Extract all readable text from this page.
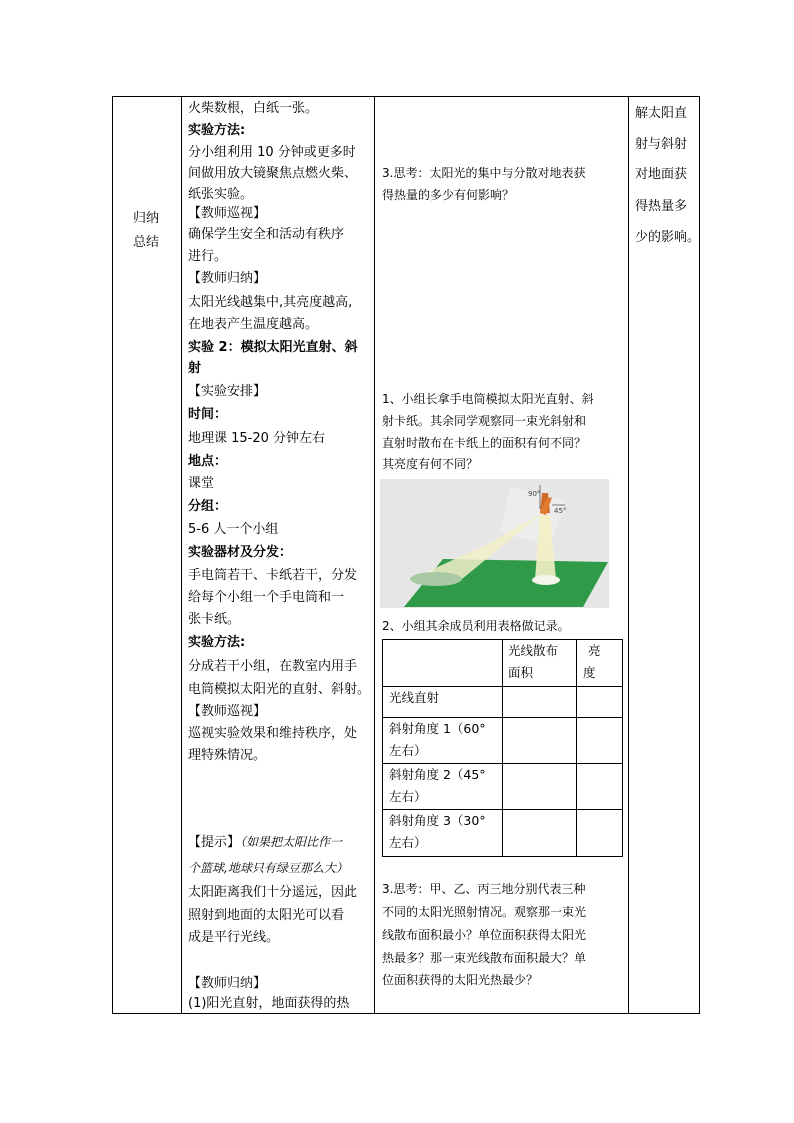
归纳
总结
火柴数根，白纸一张。
实验方法:
分小组利用 10 分钟或更多时
间做用放大镜聚焦点燃火柴、
纸张实验。
【教师巡视】
确保学生安全和活动有秩序
进行。
【教师归纳】
太阳光线越集中,其亮度越高,
在地表产生温度越高。
实验 2：模拟太阳光直射、斜
射
【实验安排】
时间：
地理课 15-20 分钟左右
地点：
课堂
分组：
5-6 人一个小组
实验器材及分发：
手电筒若干、卡纸若干，分发
给每个小组一个手电筒和一
张卡纸。
实验方法:
分成若干小组，在教室内用手
电筒模拟太阳光的直射、斜射。
【教师巡视】
巡视实验效果和维持秩序，处
理特殊情况。
【提示】（如果把太阳比作一
个篮球,地球只有绿豆那么大）
太阳距离我们十分遥远，因此
照射到地面的太阳光可以看
成是平行光线。
【教师归纳】
(1)阳光直射，地面获得的热
3.思考：太阳光的集中与分散对地表获
得热量的多少有何影响？
1、小组长拿手电筒模拟太阳光直射、斜
射卡纸。其余同学观察同一束光斜射和
直射时散布在卡纸上的面积有何不同？
其亮度有何不同？
90°
45°
2、小组其余成员利用表格做记录。
光线散布
面积
亮
度
光线直射
斜射角度 1（60°
左右）
斜射角度 2（45°
左右）
斜射角度 3（30°
左右）
3.思考：甲、乙、丙三地分别代表三种
不同的太阳光照射情况。观察那一束光
线散布面积最小？单位面积获得太阳光
热最多？那一束光线散布面积最大？单
位面积获得的太阳光热最少？
解太阳直
射与斜射
对地面获
得热量多
少的影响。
